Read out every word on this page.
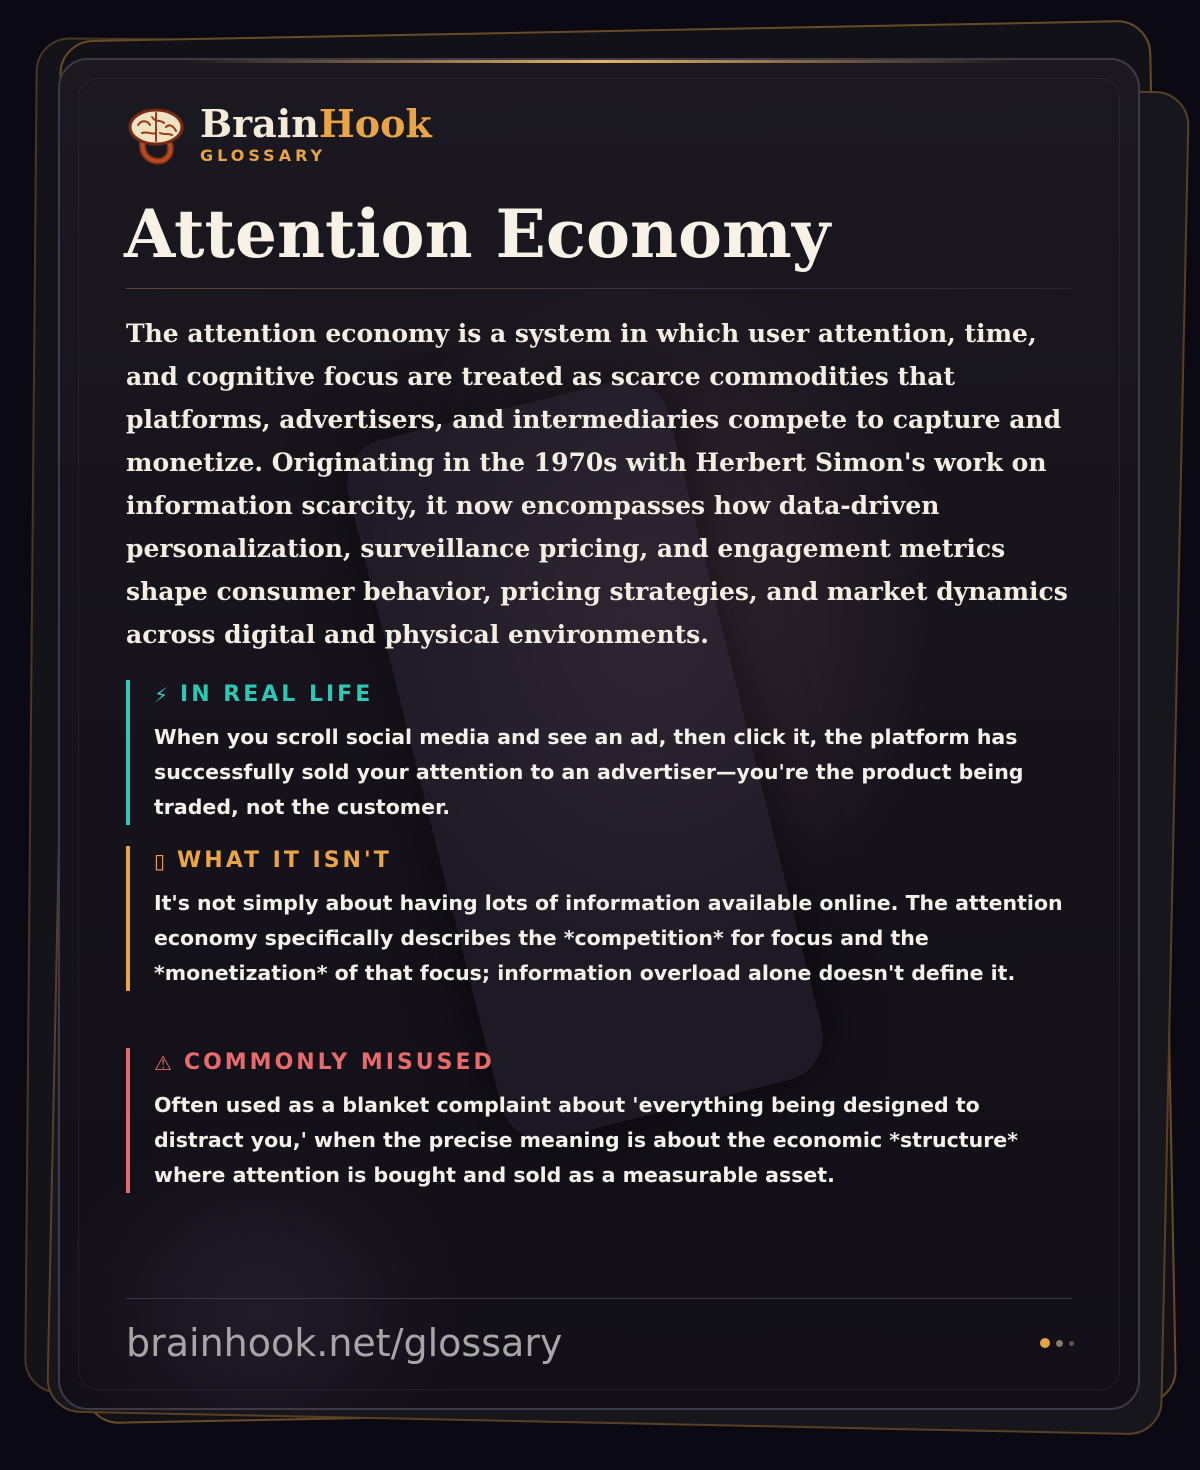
BrainHook
GLOSSARY
Attention Economy

The attention economy is a system in which user attention, time, and cognitive focus are treated as scarce commodities that platforms, advertisers, and intermediaries compete to capture and monetize. Originating in the 1970s with Herbert Simon's work on information scarcity, it now encompasses how data-driven personalization, surveillance pricing, and engagement metrics shape consumer behavior, pricing strategies, and market dynamics across digital and physical environments.

⚡ IN REAL LIFE
When you scroll social media and see an ad, then click it, the platform has successfully sold your attention to an advertiser—you're the product being traded, not the customer.
▯ WHAT IT ISN'T
It's not simply about having lots of information available online. The attention economy specifically describes the *competition* for focus and the *monetization* of that focus; information overload alone doesn't define it.
⚠ COMMONLY MISUSED
Often used as a blanket complaint about 'everything being designed to distract you,' when the precise meaning is about the economic *structure* where attention is bought and sold as a measurable asset.
brainhook.net/glossary
